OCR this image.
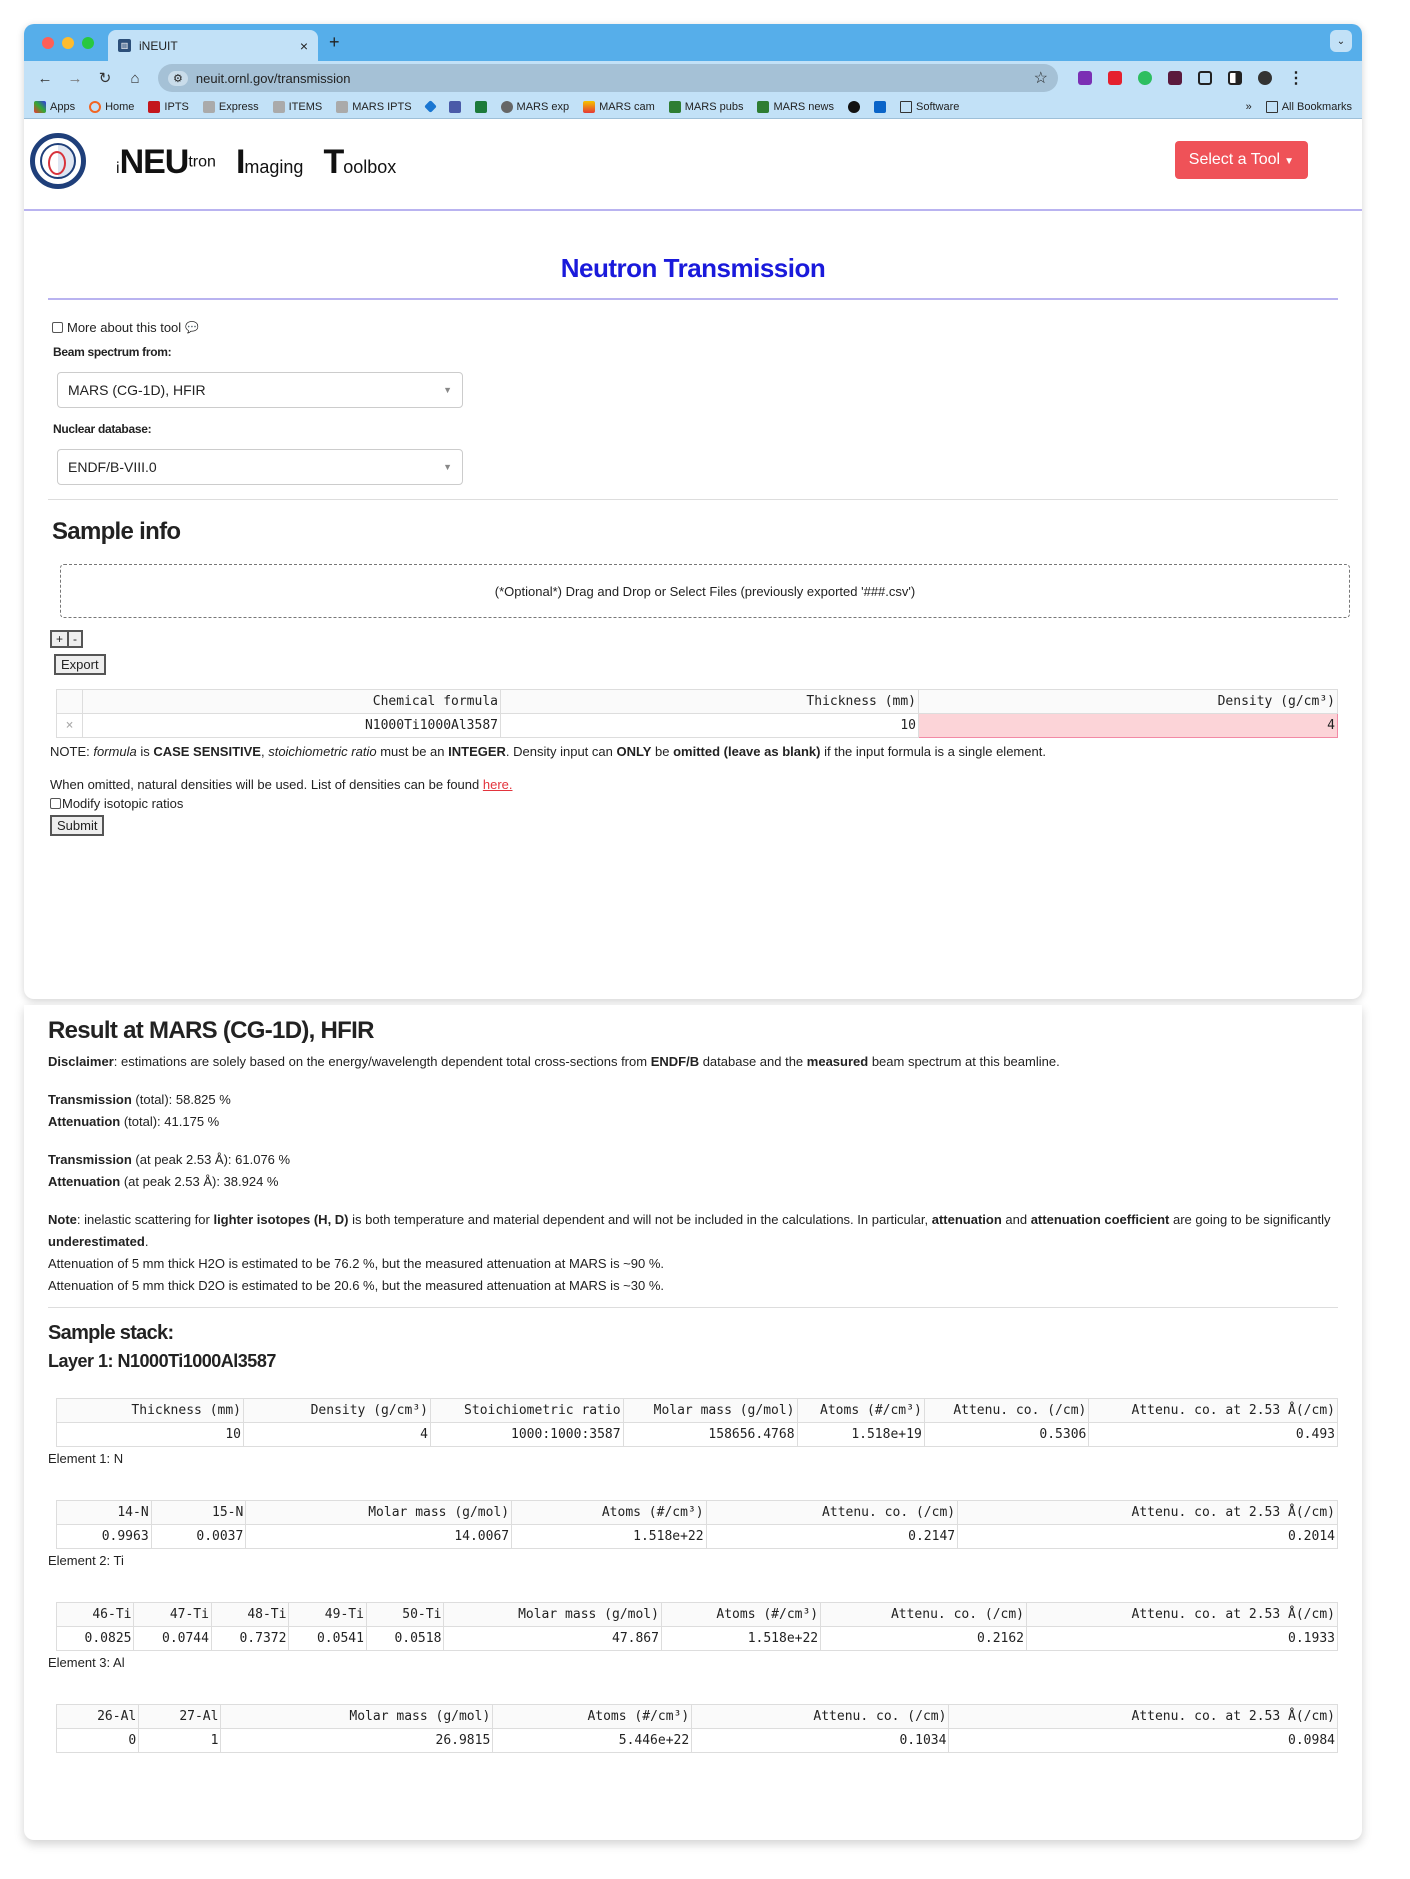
▥ iNEUIT	× +	⌄
←	→	↻	⌂	⚙	neuit.ornl.gov/transmission	☆	⋮
Apps	Home	IPTS	Express	ITEMS	MARS IPTS	MARS exp	MARS cam	MARS pubs	MARS news	Software	»	All Bookmarks
iNEUtron Imaging Toolbox	Select a Tool ▼
Neutron Transmission
More about this tool 💬
Beam spectrum from:
MARS (CG-1D), HFIR	▼
Nuclear database:
ENDF/B-VIII.0	▼
Sample info
(*Optional*) Drag and Drop or Select Files (previously exported '###.csv')
+ -
Export
	Chemical formula	Thickness (mm)	Density (g/cm³)
×	N1000Ti1000Al3587	10	4
NOTE: formula is CASE SENSITIVE, stoichiometric ratio must be an INTEGER. Density input can ONLY be omitted (leave as blank) if the input formula is a single element.
When omitted, natural densities will be used. List of densities can be found here.
Modify isotopic ratios
Submit
Result at MARS (CG-1D), HFIR
Disclaimer: estimations are solely based on the energy/wavelength dependent total cross-sections from ENDF/B database and the measured beam spectrum at this beamline.
Transmission (total): 58.825 %
Attenuation (total): 41.175 %
Transmission (at peak 2.53 Å): 61.076 %
Attenuation (at peak 2.53 Å): 38.924 %
Note: inelastic scattering for lighter isotopes (H, D) is both temperature and material dependent and will not be included in the calculations. In particular, attenuation and attenuation coefficient are going to be significantly underestimated.
Attenuation of 5 mm thick H2O is estimated to be 76.2 %, but the measured attenuation at MARS is ~90 %.
Attenuation of 5 mm thick D2O is estimated to be 20.6 %, but the measured attenuation at MARS is ~30 %.
Sample stack:
Layer 1: N1000Ti1000Al3587
Thickness (mm)	Density (g/cm³)	Stoichiometric ratio	Molar mass (g/mol)	Atoms (#/cm³)	Attenu. co. (/cm)	Attenu. co. at 2.53 Å(/cm)
10	4	1000:1000:3587	158656.4768	1.518e+19	0.5306	0.493
Element 1: N
14-N	15-N	Molar mass (g/mol)	Atoms (#/cm³)	Attenu. co. (/cm)	Attenu. co. at 2.53 Å(/cm)
0.9963	0.0037	14.0067	1.518e+22	0.2147	0.2014
Element 2: Ti
46-Ti	47-Ti	48-Ti	49-Ti	50-Ti	Molar mass (g/mol)	Atoms (#/cm³)	Attenu. co. (/cm)	Attenu. co. at 2.53 Å(/cm)
0.0825	0.0744	0.7372	0.0541	0.0518	47.867	1.518e+22	0.2162	0.1933
Element 3: Al
26-Al	27-Al	Molar mass (g/mol)	Atoms (#/cm³)	Attenu. co. (/cm)	Attenu. co. at 2.53 Å(/cm)
0	1	26.9815	5.446e+22	0.1034	0.0984
